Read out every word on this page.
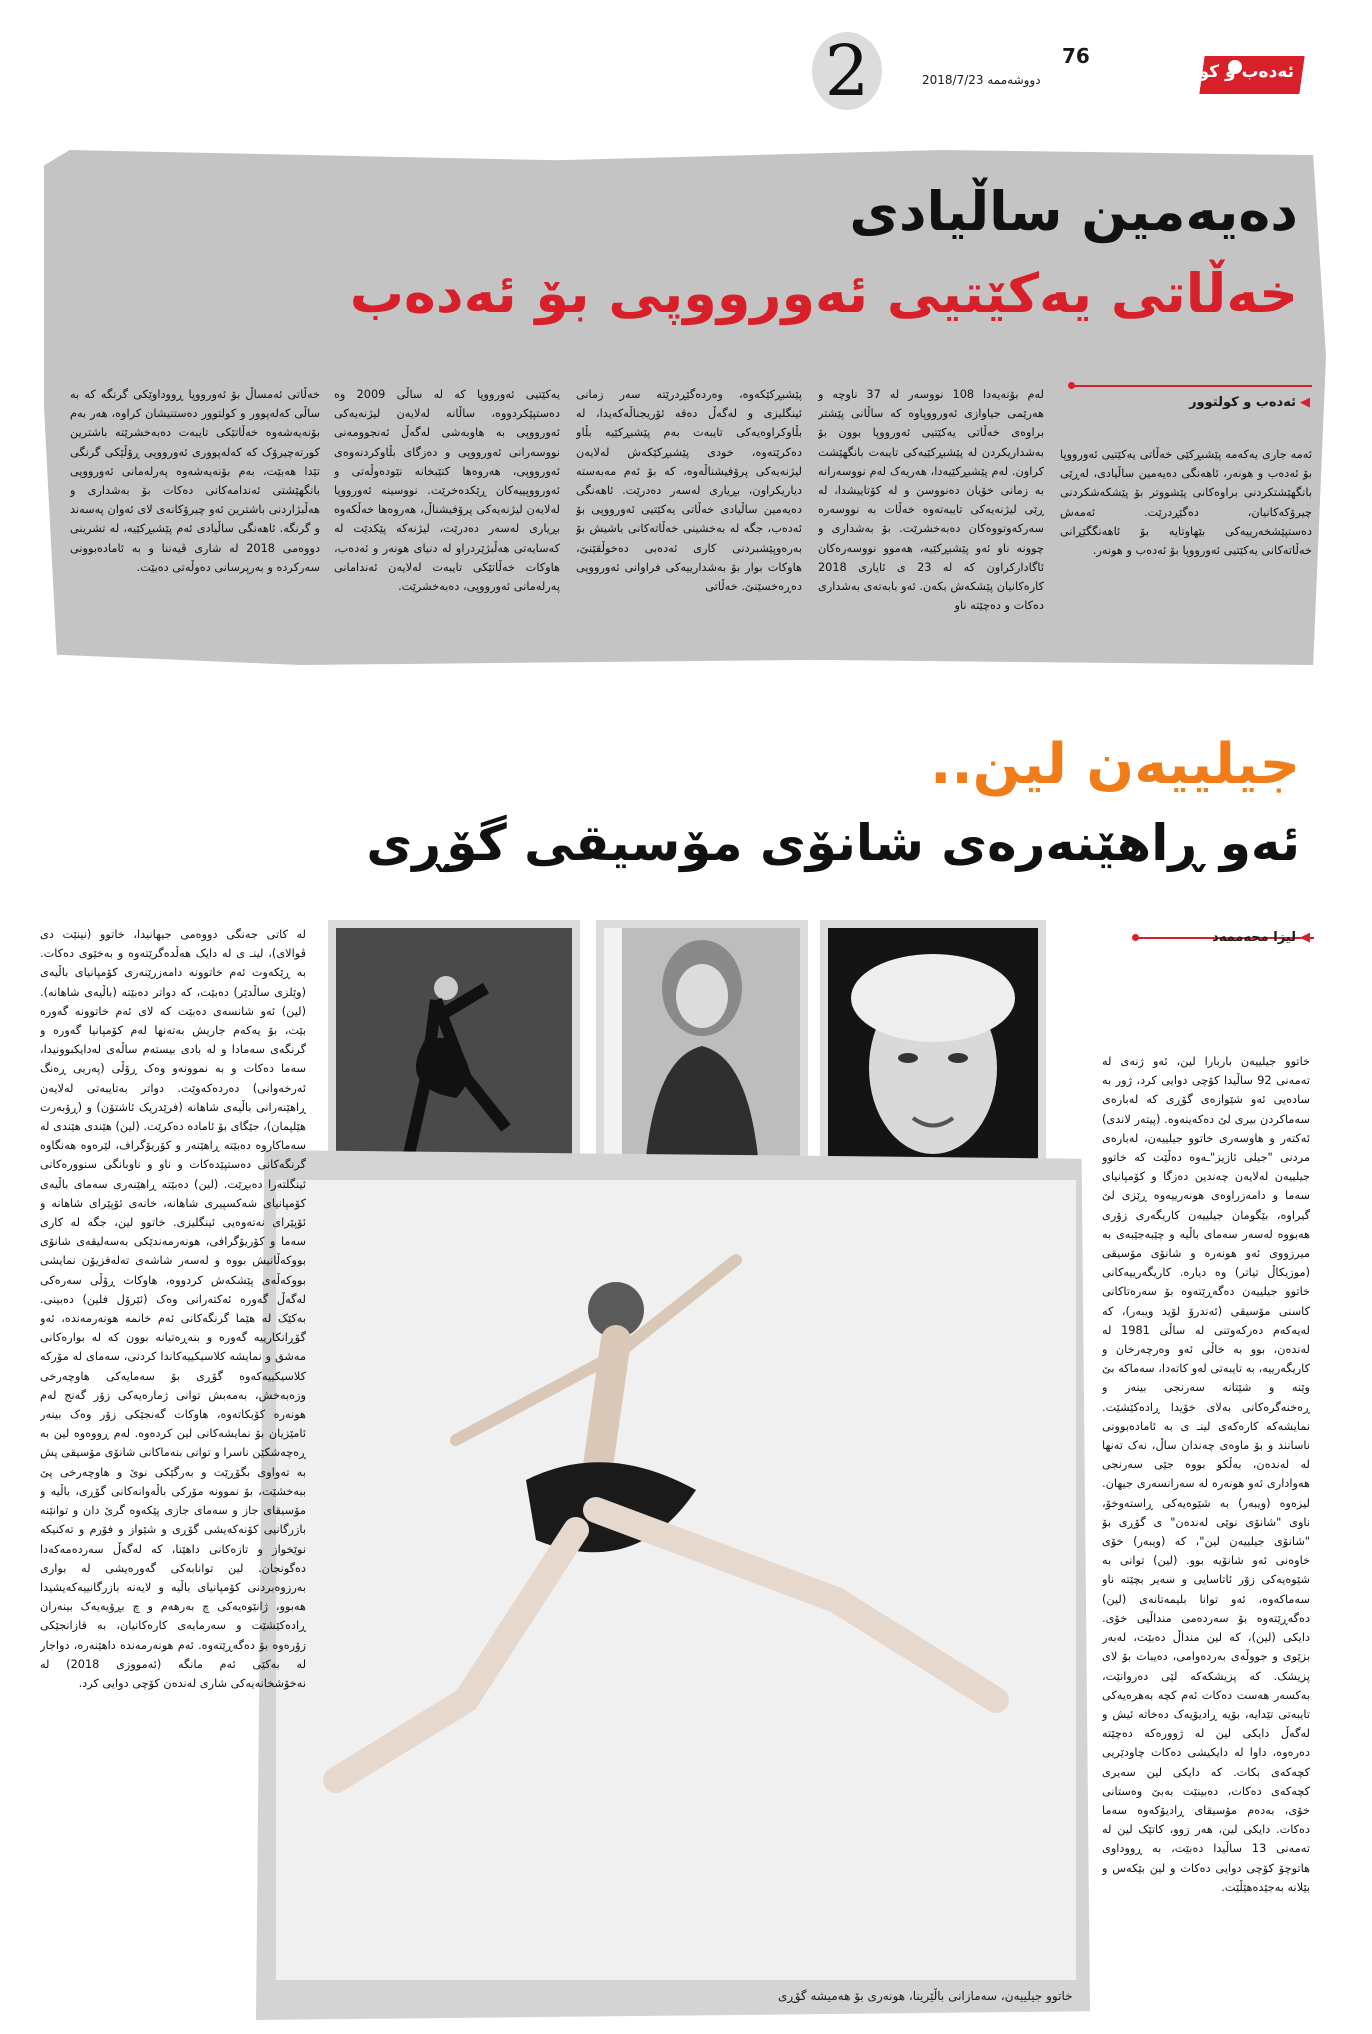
ئەدەب و کولتوور
76
2	دووشەممە 2018/7/23
دەیەمین ساڵیادی
خەڵاتی یەکێتیی ئەورووپی بۆ ئەدەب
◀ئەدەب و کولتوور
ئەمە جاری یەکەمە پێشبڕکێی خەڵاتی یەکێتیی ئەورووپا بۆ ئەدەب و هونەر، ئاهەنگی دەیەمین ساڵیادی، لەڕێی بانگهێشتکردنی براوەکانی پێشووتر بۆ پێشکەشکردنی چیرۆکەکانیان، دەگێڕدرێت. ئەمەش دەستپێشخەرییەکی بێهاوتایە بۆ ئاهەنگگێڕانی خەڵاتەکانی یەکێتیی ئەورووپا بۆ ئەدەب و هونەر.
لەم بۆنەیەدا 108 نووسەر لە 37 ناوچە و هەرێمی جیاوازی ئەورووپاوە کە ساڵانی پێشتر براوەی خەڵاتی یەکێتیی ئەورووپا بوون بۆ بەشداریکردن لە پێشبڕکێیەکی تایبەت بانگهێشت کراون. لەم پێشبڕکێیەدا، هەریەک لەم نووسەرانە بە زمانی خۆیان دەنووسن و لە کۆتاییشدا، لە ڕێی لیژنەیەکی تایبەتەوە خەڵات بە نووسەرە سەرکەوتووەکان دەبەخشرێت. بۆ بەشداری و چوونە ناو ئەو پێشبڕکێیە، هەموو نووسەرەکان ئاگادارکراون کە لە 23 ی ئایاری 2018 کارەکانیان پێشکەش بکەن. ئەو بابەتەی بەشداری دەکات و دەچێتە ناو
پێشبڕکێکەوە، وەردەگێڕدرێتە سەر زمانی ئینگلیزی و لەگەڵ دەقە ئۆریجناڵەکەیدا، لە بڵاوکراوەیەکی تایبەت بەم پێشبڕکێیە بڵاو دەکرێتەوە، خودی پێشبڕکێکەش لەلایەن لیژنەیەکی پرۆفیشناڵەوە، کە بۆ ئەم مەبەستە دیاریکراون، بڕیاری لەسەر دەدرێت. ئاهەنگی دەیەمین ساڵیادی خەڵاتی یەکێتیی ئەورووپی بۆ ئەدەب، جگە لە بەخشینی خەڵاتەکانی باشیش بۆ بەرەوپێشبردنی کاری ئەدەبی دەخوڵقێنێ، هاوکات بوار بۆ بەشدارییەکی فراوانی ئەورووپی دەڕەخسێنێ. خەڵاتی
یەکێتیی ئەورووپا کە لە ساڵی 2009 وە دەستپێکردووە، ساڵانە لەلایەن لیژنەیەکی ئەورووپی بە هاوبەشی لەگەڵ ئەنجوومەنی نووسەرانی ئەورووپی و دەزگای بڵاوکردنەوەی ئەورووپی، هەروەها کتێبخانە نێودەوڵەتی و ئەورووپییەکان ڕێکدەخرێت. نووسینە ئەورووپا لەلایەن لیژنەیەکی پرۆفیشناڵ، هەروەها خەڵکەوە بڕیاری لەسەر دەدرێت، لیژنەکە پێکدێت لە کەسایەتی هەڵبژێردراو لە دنیای هونەر و ئەدەب، هاوکات خەڵاتێکی تایبەت لەلایەن ئەندامانی پەرلەمانی ئەورووپی، دەبەخشرێت.
خەڵاتی ئەمساڵ بۆ ئەورووپا ڕووداوێکی گرنگە کە بە ساڵی کەلەپوور و کولتوور دەستنیشان کراوە، هەر بەم بۆنەیەشەوە خەڵاتێکی تایبەت دەبەخشرێتە باشترین کورتەچیرۆک کە کەلەپووری ئەورووپی ڕۆڵێکی گرنگی تێدا هەبێت، بەم بۆنەیەشەوە پەرلەمانی ئەورووپی بانگهێشتی ئەندامەکانی دەکات بۆ بەشداری و هەڵبژاردنی باشترین ئەو چیرۆکانەی لای ئەوان پەسەند و گرنگە. ئاهەنگی ساڵیادی ئەم پێشبڕکێیە، لە تشرینی دووەمی 2018 لە شاری ڤیەننا و بە ئامادەبوونی سەرکردە و بەرپرسانی دەوڵەتی دەبێت.
جیلییەن لین..
ئەو ڕاهێنەرەی شانۆی مۆسیقی گۆڕی
◀لیزا محەممەد
خاتوو جیلییەن، سەمازانی باڵێرینا، هونەری بۆ هەمیشە گۆڕی
خاتوو جیلییەن باربارا لین، ئەو ژنەی لە تەمەنی 92 ساڵیدا کۆچی دوایی کرد، ژور بە سادەیی ئەو شێوازەی گۆڕی کە لەبارەی سەماکردن بیری لێ دەکەینەوە. (پیتەر لاندی) ئەکتەر و هاوسەری خاتوو جیلییەن، لەبارەی مردنی "جیلی ئازیز"ـەوە دەڵێت کە خاتوو جیلییەن لەلایەن چەندین دەزگا و کۆمپانیای سەما و دامەزراوەی هونەرییەوە ڕێزی لێ گیراوە، بێگومان جیلییەن کاریگەری زۆری هەبووە لەسەر سەمای باڵیە و چێبەجێبەی بە میرزووی ئەو هونەرە و شانۆی مۆسیقی (موزیکاڵ تیاتر) وە دیارە. کاریگەرییەکانی خاتوو جیلییەن دەگەڕێتەوە بۆ سەرەتاکانی کاسنی مۆسیقی (ئەندرۆ لۆید ویبەر)، کە لەیەکەم دەرکەوتنی لە ساڵی 1981 لە لەندەن، بوو بە خاڵی ئەو وەرچەرخان و کاریگەرییە، بە تایبەتی لەو کاتەدا، سەماکە بێ وێنە و شێتانە سەرنجی بینەر و ڕەخنەگرەکانی بەلای خۆیدا ڕادەکێشێت. نمایشەکە کارەکەی لینـ ی بە ئامادەبوونی ناسانند و بۆ ماوەی چەندان ساڵ، نەک تەنها لە لەندەن، بەڵکو بووە جێی سەرنجی هەواداری ئەو هونەرە لە سەرانسەری جیهان. لیزەوە (ویبەر) بە شێوەیەکی ڕاستەوخۆ، ناوی "شانۆی نوێی لەندەن" ی گۆڕی بۆ "شانۆی جیلییەن لین"، کە (ویبەر) خۆی خاوەنی ئەو شانۆیە بوو. (لین) توانی بە شێوەیەکی زۆر ئاتاسایی و سەیر بچێتە ناو سەماکەوە، ئەو توانا بلیمەتانەی (لین) دەگەڕێتەوە بۆ سەردەمی منداڵیی خۆی. دایکی (لین)، کە لین منداڵ دەبێت، لەبەر بزێوی و جووڵەی بەردەوامی، دەیبات بۆ لای پزیشک. کە پزیشکەکە لێی دەروانێت، بەکسەر هەست دەکات ئەم کچە بەهرەیەکی تایبەتی تێدایە، بۆیە ڕادیۆیەک دەخاتە ئیش و لەگەڵ دایکی لین لە ژوورەکە دەچێتە دەرەوە، داوا لە دایکیشی دەکات چاودێریی کچەکەی بکات. کە دایکی لین سەیری کچەکەی دەکات، دەبینێت بەبێ وەستانی خۆی، بەدەم مۆسیقای ڕادیۆکەوە سەما دەکات. دایکی لین، هەر زوو، کاتێک لین لە تەمەنی 13 ساڵیدا دەبێت، بە ڕووداوی هاتوچۆ کۆچی دوایی دەکات و لین بێکەس و بێلانە بەجێدەهێڵێت.
لە کاتی جەنگی دووەمی جیهانیدا، خاتوو (نینێت دی ڤوالای)، لینـ ی لە دایک هەڵدەگرێتەوە و بەخێوی دەکات. بە ڕێکەوت ئەم خاتوونە دامەزرێنەری کۆمپانیای باڵیەی (وێلزی ساڵدێر) دەبێت، کە دواتر دەبێتە (باڵیەی شاهانە). (لین) ئەو شانسەی دەبێت کە لای ئەم خاتوونە گەورە بێت، بۆ یەکەم جاریش بەتەنها لەم کۆمپانیا گەورە و گرنگەی سەمادا و لە بادی بیستەم ساڵەی لەدایکبوونیدا، سەما دەکات و بە نموونەو وەک ڕۆڵی (پەریی ڕەنگ ئەرخەوانی) دەردەکەوێت. دواتر بەتایبەتی لەلایەن ڕاهێنەرانی باڵیەی شاهانە (فرێدریک ئاشتۆن) و (ڕۆبەرت هێلپمان)، جێگای بۆ ئامادە دەکرێت. (لین) هێندی هێندی لە سەماکاروە دەبێتە ڕاهێنەر و کۆریۆگراف، لێرەوە هەنگاوە گرنگەکانی دەستپێدەکات و ناو و ناوبانگی سنوورەکانی ئینگلتەرا دەبڕێت. (لین) دەبێتە ڕاهێنەری سەمای باڵیەی کۆمپانیای شەکسپیری شاهانە، خانەی ئۆپێرای شاهانە و ئۆپێرای نەتەوەیی ئینگلیزی. خاتوو لین، جگە لە کاری سەما و کۆریۆگرافی، هونەرمەندێکی بەسەلیقەی شانۆی بووکەڵانیش بووە و لەسەر شاشەی تەلەفزیۆن نمایشی بووکەڵەی پێشکەش کردووە، هاوکات ڕۆڵی سەرەکی لەگەڵ گەورە ئەکتەرانی وەک (ئێرۆل فلین) دەبینی. بەکێک لە هێما گرنگەکانی ئەم خانمە هونەرمەندە، ئەو گۆڕانکارییە گەورە و بنەڕەتیانە بوون کە لە بوارەکانی مەشق و نمایشە کلاسیکییەکاندا کردنی، سەمای لە مۆرکە کلاسیکییەکەوە گۆڕی بۆ سەمایەکی هاوچەرخی وزەبەخش، بەمەبش توانی ژمارەیەکی زۆر گەنج لەم هونەرە کۆبکاتەوە، هاوکات گەنجێکی زۆر وەک بینەر ئامێزیان بۆ نمایشەکانی لین کردەوە. لەم ڕووەوە لین بە ڕەچەشکێن ناسرا و توانی بنەماکانی شانۆی مۆسیقی پش بە تەواوی بگۆڕێت و بەرگێکی نوێ و هاوچەرخی پێ ببەخشێت، بۆ نموونە مۆرکی باڵەوانەکانی گۆڕی، باڵیە و مۆسیقای جاز و سەمای جازی پێکەوە گرێ دان و توانێنە بازرگانیی کۆنەکەیشی گۆڕی و شێواز و فۆرم و تەکنیکە نوێخواز و تازەکانی داهێنا، کە لەگەڵ سەردەمەکەدا دەگونجان. لین توانابەکی گەورەیشی لە بواری بەرزوەبردنی کۆمپانیای باڵیە و لایەنە بازرگانییەکەیشیدا هەبوو، ژانێوەیەکی چ بەرهەم و چ بڕۆیەیەک بینەران ڕادەکێشێت و سەرمایەی کارەکانیان، بە قازانجێکی زۆرەوە بۆ دەگەڕێتەوە. ئەم هونەرمەندە داهێنەرە، دواجار لە بەکێی ئەم مانگە (ئەمووزی 2018) لە نەخۆشخانەیەکی شاری لەندەن کۆچی دوایی کرد.
